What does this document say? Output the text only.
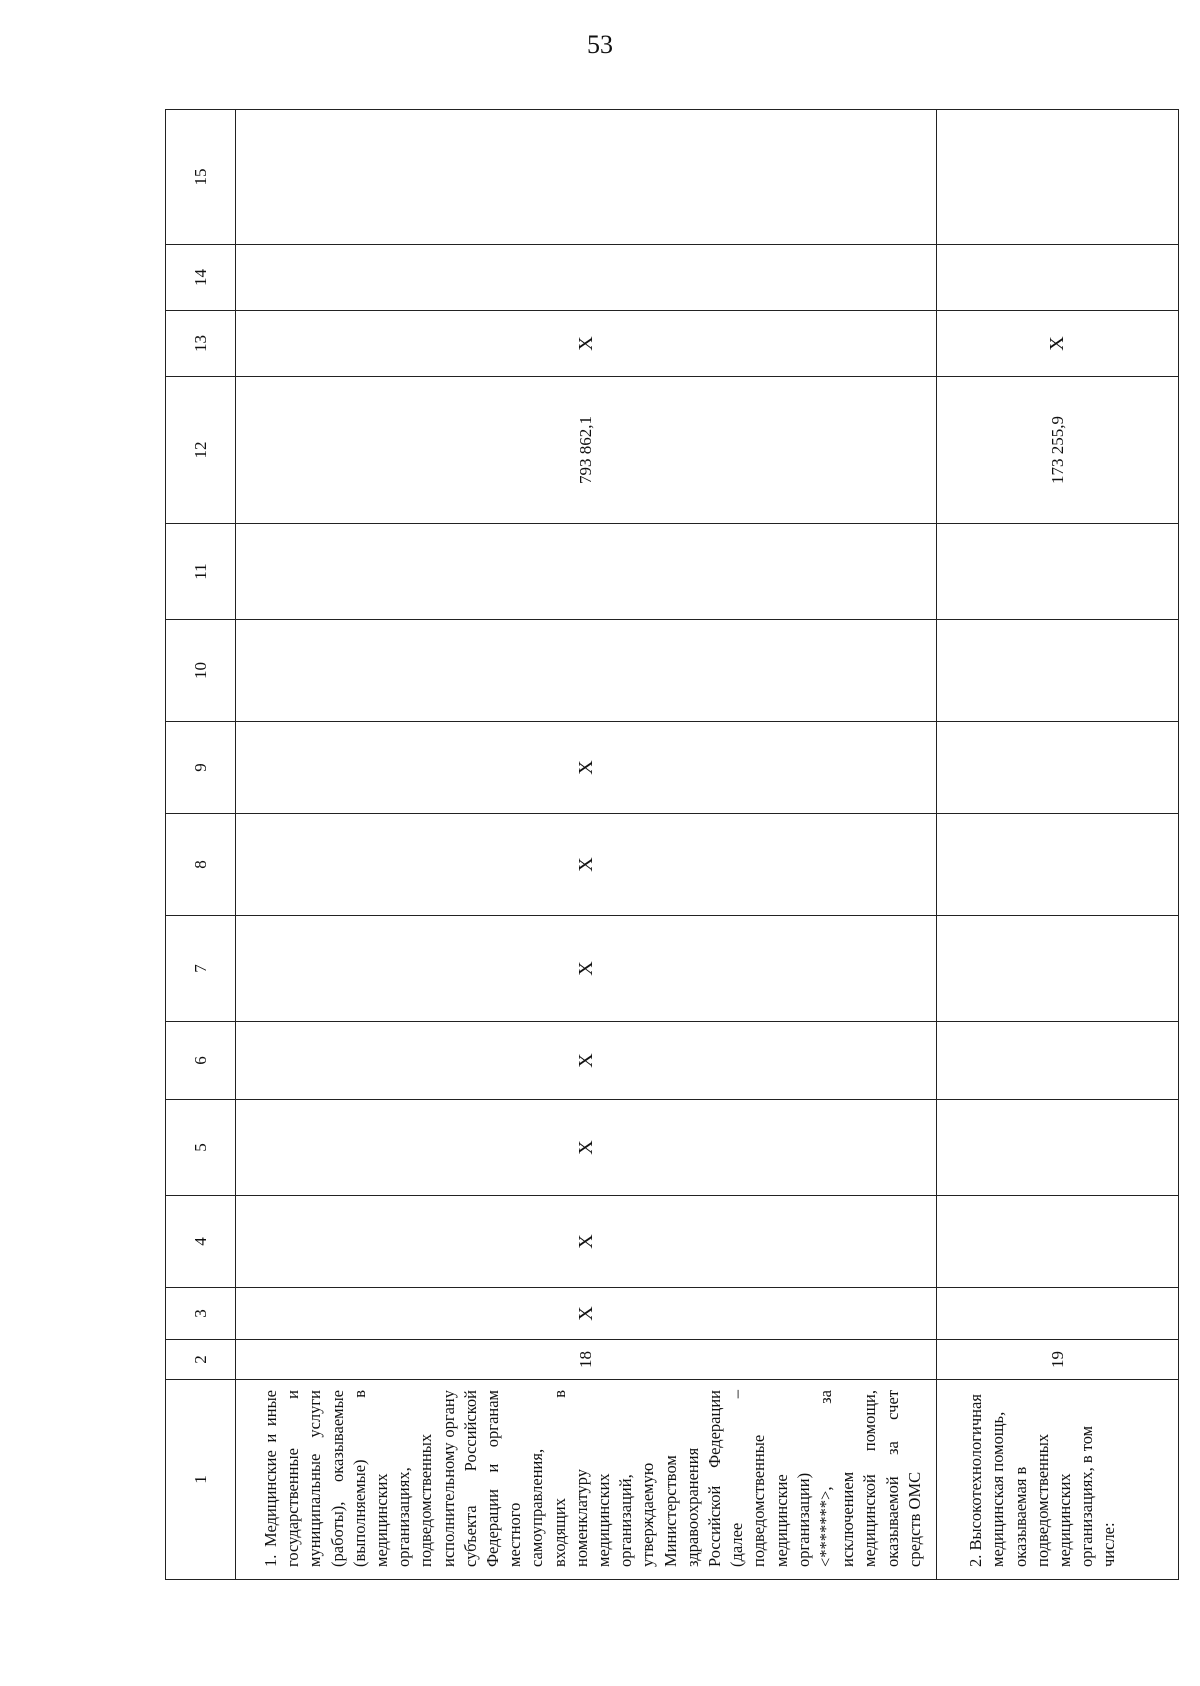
53
1	2	3	4	5	6	7	8	9	10	11	12	13	14	15
1. Медицинские и иные государственные и муниципальные услуги (работы), оказываемые (выполняемые) в медицинских организациях, подведомственных исполнительному органу субъекта Российской Федерации и органам местного самоуправления, входящих в номенклатуру медицинских организаций, утверждаемую Министерством здравоохранения Российской Федерации (далее – подведомственные медицинские организации) <*******>, за исключением медицинской помощи, оказываемой за счет средств ОМС	18	X	X	X	X	X	X	X			793 862,1	X		
2. Высокотехнологичная медицинская помощь, оказываемая в подведомственных медицинских организациях, в том числе:	19										173 255,9	X		
